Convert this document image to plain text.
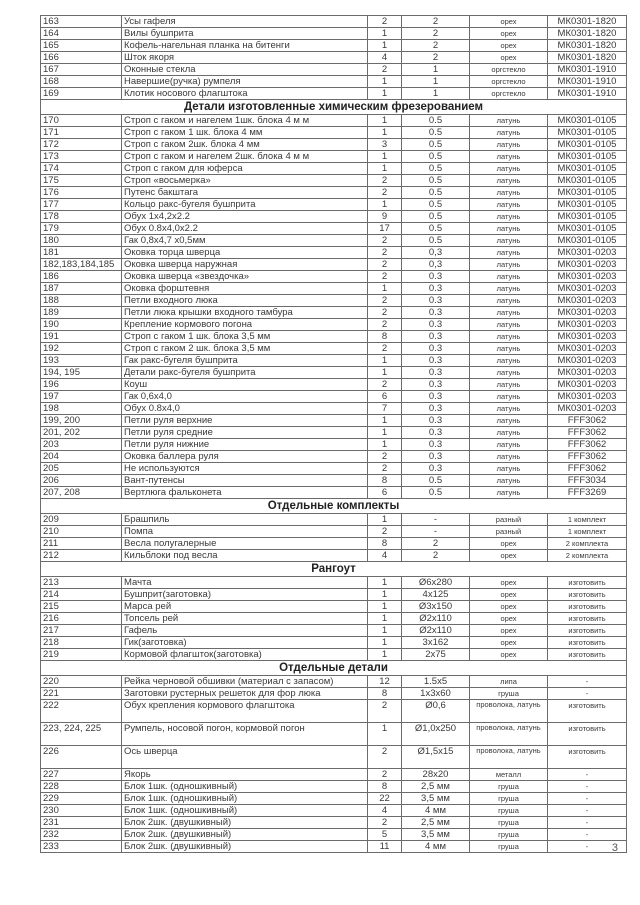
163	Усы гафеля	2	2	орех	МК0301-1820
164	Вилы бушприта	1	2	орех	МК0301-1820
165	Кофель-нагельная планка на битенги	1	2	орех	МК0301-1820
166	Шток якоря	4	2	орех	МК0301-1820
167	Оконные стекла	2	1	оргстекло	МК0301-1910
168	Навершие(ручка) румпеля	1	1	оргстекло	МК0301-1910
169	Клотик носового флагштока	1	1	оргстекло	МК0301-1910
Детали изготовленные химическим фрезерованием					
170	Строп с гаком и нагелем 1шк. блока 4 м м	1	0.5	латунь	МК0301-0105
171	Строп с гаком 1 шк. блока 4 мм	1	0.5	латунь	МК0301-0105
172	Строп с гаком 2шк. блока 4 мм	3	0.5	латунь	МК0301-0105
173	Строп с гаком и нагелем 2шк. блока 4 м м	1	0.5	латунь	МК0301-0105
174	Строп с гаком для юферса	1	0.5	латунь	МК0301-0105
175	Строп «восьмерка»	2	0.5	латунь	МК0301-0105
176	Путенс бакштага	2	0.5	латунь	МК0301-0105
177	Кольцо ракс-бугеля бушприта	1	0.5	латунь	МК0301-0105
178	Обух 1х4,2х2.2	9	0.5	латунь	МК0301-0105
179	Обух 0.8х4,0х2.2	17	0.5	латунь	МК0301-0105
180	Гак 0,8х4,7 х0,5мм	2	0.5	латунь	МК0301-0105
181	Оковка торца шверца	2	0,3	латунь	МК0301-0203
182,183,184,185	Оковка шверца наружная	2	0,3	латунь	МК0301-0203
186	Оковка шверца «звездочка»	2	0.3	латунь	МК0301-0203
187	Оковка форштевня	1	0.3	латунь	МК0301-0203
188	Петли входного люка	2	0.3	латунь	МК0301-0203
189	Петли люка крышки входного тамбура	2	0.3	латунь	МК0301-0203
190	Крепление кормового погона	2	0.3	латунь	МК0301-0203
191	Строп с гаком 1 шк. блока 3,5 мм	8	0.3	латунь	МК0301-0203
192	Строп с гаком 2 шк. блока 3,5 мм	2	0.3	латунь	МК0301-0203
193	Гак ракс-бугеля бушприта	1	0.3	латунь	МК0301-0203
194, 195	Детали ракс-бугеля бушприта	1	0.3	латунь	МК0301-0203
196	Коуш	2	0.3	латунь	МК0301-0203
197	Гак 0,6х4,0	6	0.3	латунь	МК0301-0203
198	Обух 0.8х4,0	7	0.3	латунь	МК0301-0203
199, 200	Петли руля верхние	1	0.3	латунь	FFF3062
201, 202	Петли руля средние	1	0.3	латунь	FFF3062
203	Петли руля нижние	1	0.3	латунь	FFF3062
204	Оковка баллера руля	2	0.3	латунь	FFF3062
205	Не используются	2	0.3	латунь	FFF3062
206	Вант-путенсы	8	0.5	латунь	FFF3034
207, 208	Вертлюга фальконета	6	0.5	латунь	FFF3269
Отдельные комплекты					
209	Брашпиль	1	-	разный	1 комплект
210	Помпа	2	-	разный	1 комплект
211	Весла полугалерные	8	2	орех	2 комплекта
212	Кильблоки под весла	4	2	орех	2 комплекта
Рангоут					
213	Мачта	1	Ø6х280	орех	изготовить
214	Бушприт(заготовка)	1	4х125	орех	изготовить
215	Марса рей	1	Ø3х150	орех	изготовить
216	Топсель рей	1	Ø2х110	орех	изготовить
217	Гафель	1	Ø2х110	орех	изготовить
218	Гик(заготовка)	1	3х162	орех	изготовить
219	Кормовой флагшток(заготовка)	1	2х75	орех	изготовить
Отдельные детали					
220	Рейка черновой обшивки (материал с запасом)	12	1.5х5	липа	-
221	Заготовки рустерных решеток для фор люка	8	1х3х60	груша	-
222	Обух крепления кормового флагштока	2	Ø0,6	проволока, латунь	изготовить
223, 224, 225	Румпель, носовой погон, кормовой погон	1	Ø1,0х250	проволока, латунь	изготовить
226	Ось шверца	2	Ø1,5х15	проволока, латунь	изготовить
227	Якорь	2	28х20	металл	-
228	Блок 1шк. (одношкивный)	8	2,5 мм	груша	-
229	Блок 1шк. (одношкивный)	22	3,5 мм	груша	-
230	Блок 1шк. (одношкивный)	4	4 мм	груша	-
231	Блок 2шк. (двушкивный)	2	2,5 мм	груша	-
232	Блок 2шк. (двушкивный)	5	3,5 мм	груша	-
233	Блок 2шк. (двушкивный)	11	4 мм	груша	- 3
